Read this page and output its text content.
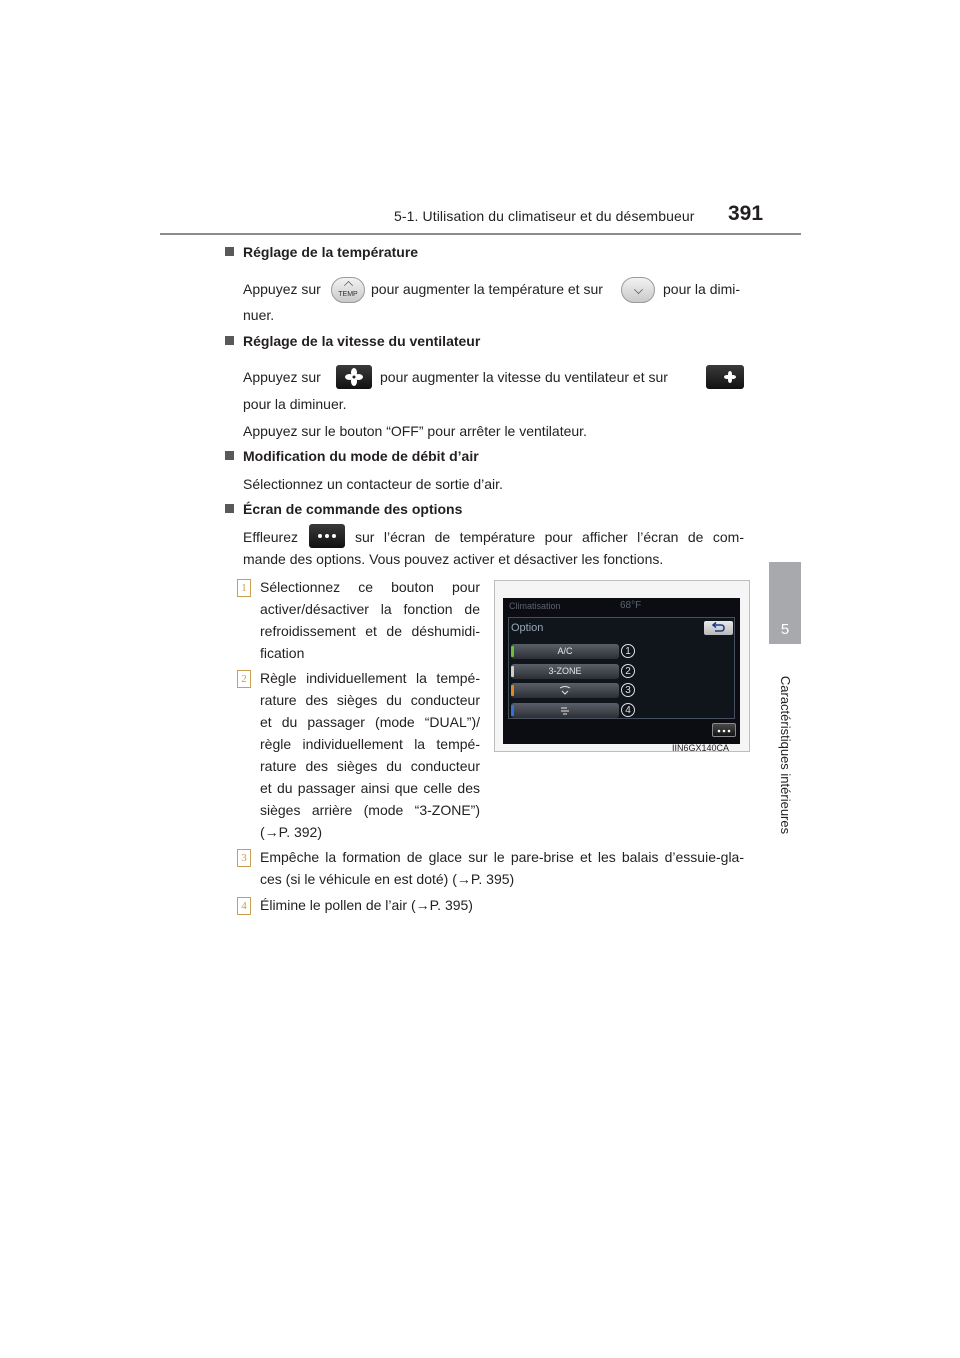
5-1. Utilisation du climatiseur et du désembueur 391
5
Caractéristiques intérieures
Réglage de la température
Appuyez sur	TEMP pour augmenter la température et sur	pour la dimi-
nuer.
Réglage de la vitesse du ventilateur
Appuyez sur	pour augmenter la vitesse du ventilateur et sur
pour la diminuer.
Appuyez sur le bouton “OFF” pour arrêter le ventilateur.
Modification du mode de débit d’air
Sélectionnez un contacteur de sortie d’air.
Écran de commande des options
Effleurez	sur l’écran de température pour afficher l’écran de com-
mande des options. Vous pouvez activer et désactiver les fonctions.
1 Sélectionnez ce bouton pour
activer/désactiver la fonction de
refroidissement et de déshumidi-
fication
2 Règle individuellement la tempé-
rature des sièges du conducteur
et du passager (mode “DUAL”)/
règle individuellement la tempé-
rature des sièges du conducteur
et du passager ainsi que celle des
sièges arrière (mode “3-ZONE”)
(→P. 392)
3 Empêche la formation de glace sur le pare-brise et les balais d’essuie-gla-
ces (si le véhicule en est doté) (→P. 395)
4 Élimine le pollen de l’air (→P. 395)
Climatisation	68°F
Option
A/C
3-ZONE
1
2
3
4
IIN6GX140CA
